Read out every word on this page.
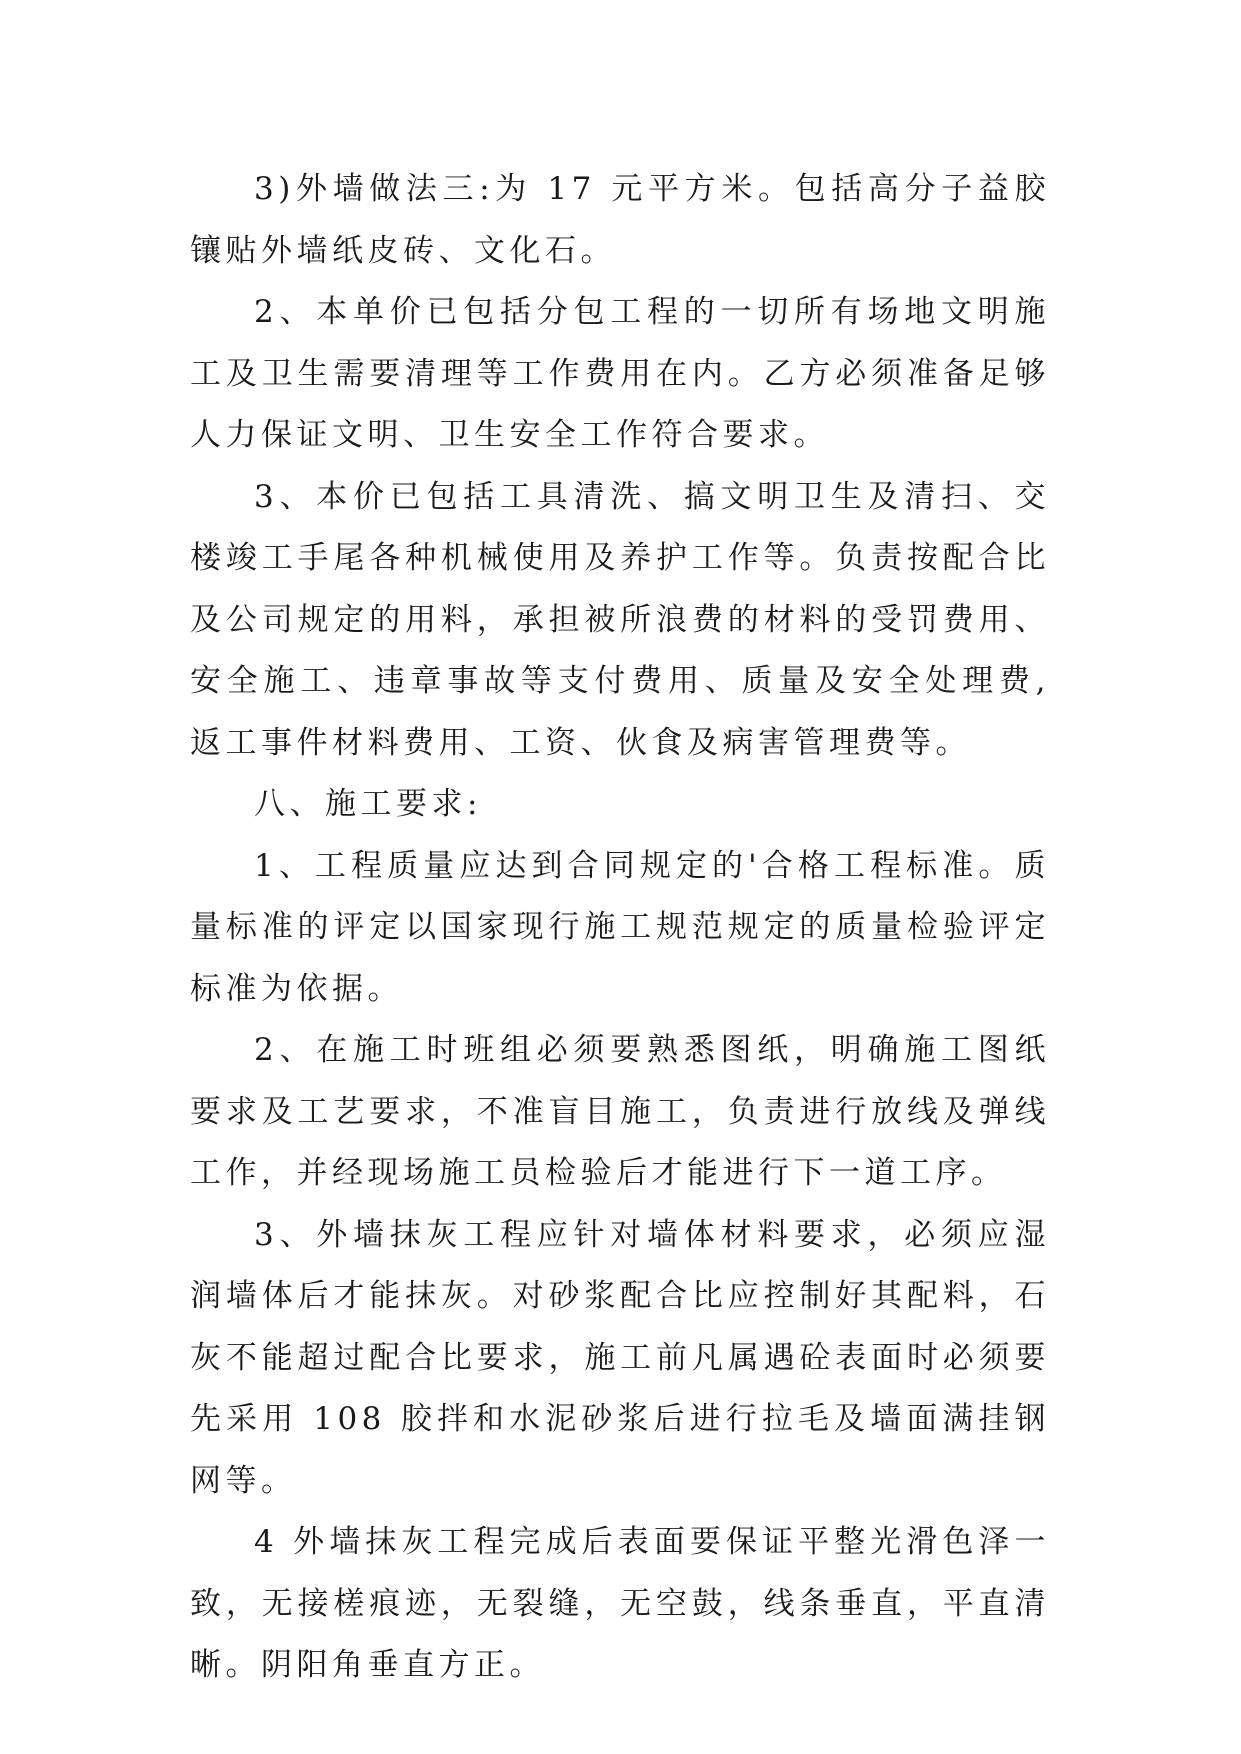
3)外墙做法三:为 17 元平方米。包括高分子益胶镶贴外墙纸皮砖、文化石。

2、本单价已包括分包工程的一切所有场地文明施工及卫生需要清理等工作费用在内。乙方必须准备足够人力保证文明、卫生安全工作符合要求。

3、本价已包括工具清洗、搞文明卫生及清扫、交楼竣工手尾各种机械使用及养护工作等。负责按配合比及公司规定的用料，承担被所浪费的材料的受罚费用、安全施工、违章事故等支付费用、质量及安全处理费,返工事件材料费用、工资、伙食及病害管理费等。

八、施工要求:

1、工程质量应达到合同规定的'合格工程标准。质量标准的评定以国家现行施工规范规定的质量检验评定标准为依据。

2、在施工时班组必须要熟悉图纸，明确施工图纸要求及工艺要求，不准盲目施工，负责进行放线及弹线工作，并经现场施工员检验后才能进行下一道工序。

3、外墙抹灰工程应针对墙体材料要求，必须应湿润墙体后才能抹灰。对砂浆配合比应控制好其配料，石灰不能超过配合比要求，施工前凡属遇砼表面时必须要先采用 108 胶拌和水泥砂浆后进行拉毛及墙面满挂钢网等。

4 外墙抹灰工程完成后表面要保证平整光滑色泽一致，无接槎痕迹，无裂缝，无空鼓，线条垂直，平直清晰。阴阳角垂直方正。
